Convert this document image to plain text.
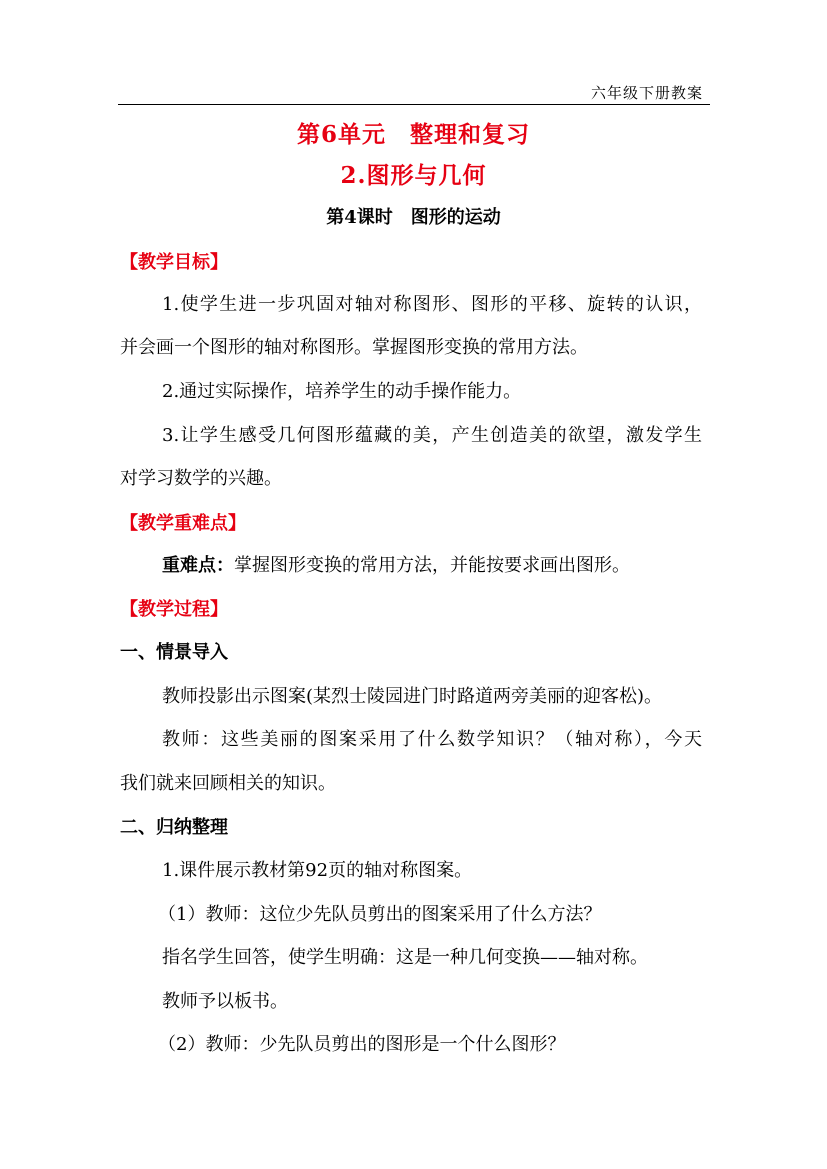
六年级下册教案
第6单元　整理和复习
2.图形与几何
第4课时　图形的运动
【教学目标】
1.使学生进一步巩固对轴对称图形、图形的平移、旋转的认识，
并会画一个图形的轴对称图形。掌握图形变换的常用方法。
2.通过实际操作，培养学生的动手操作能力。
3.让学生感受几何图形蕴藏的美，产生创造美的欲望，激发学生
对学习数学的兴趣。
【教学重难点】
重难点：掌握图形变换的常用方法，并能按要求画出图形。
【教学过程】
一、情景导入
教师投影出示图案(某烈士陵园进门时路道两旁美丽的迎客松)。
教师：这些美丽的图案采用了什么数学知识？（轴对称），今天
我们就来回顾相关的知识。
二、归纳整理
1.课件展示教材第92页的轴对称图案。
（1）教师：这位少先队员剪出的图案采用了什么方法？
指名学生回答，使学生明确：这是一种几何变换——轴对称。
教师予以板书。
（2）教师：少先队员剪出的图形是一个什么图形？
